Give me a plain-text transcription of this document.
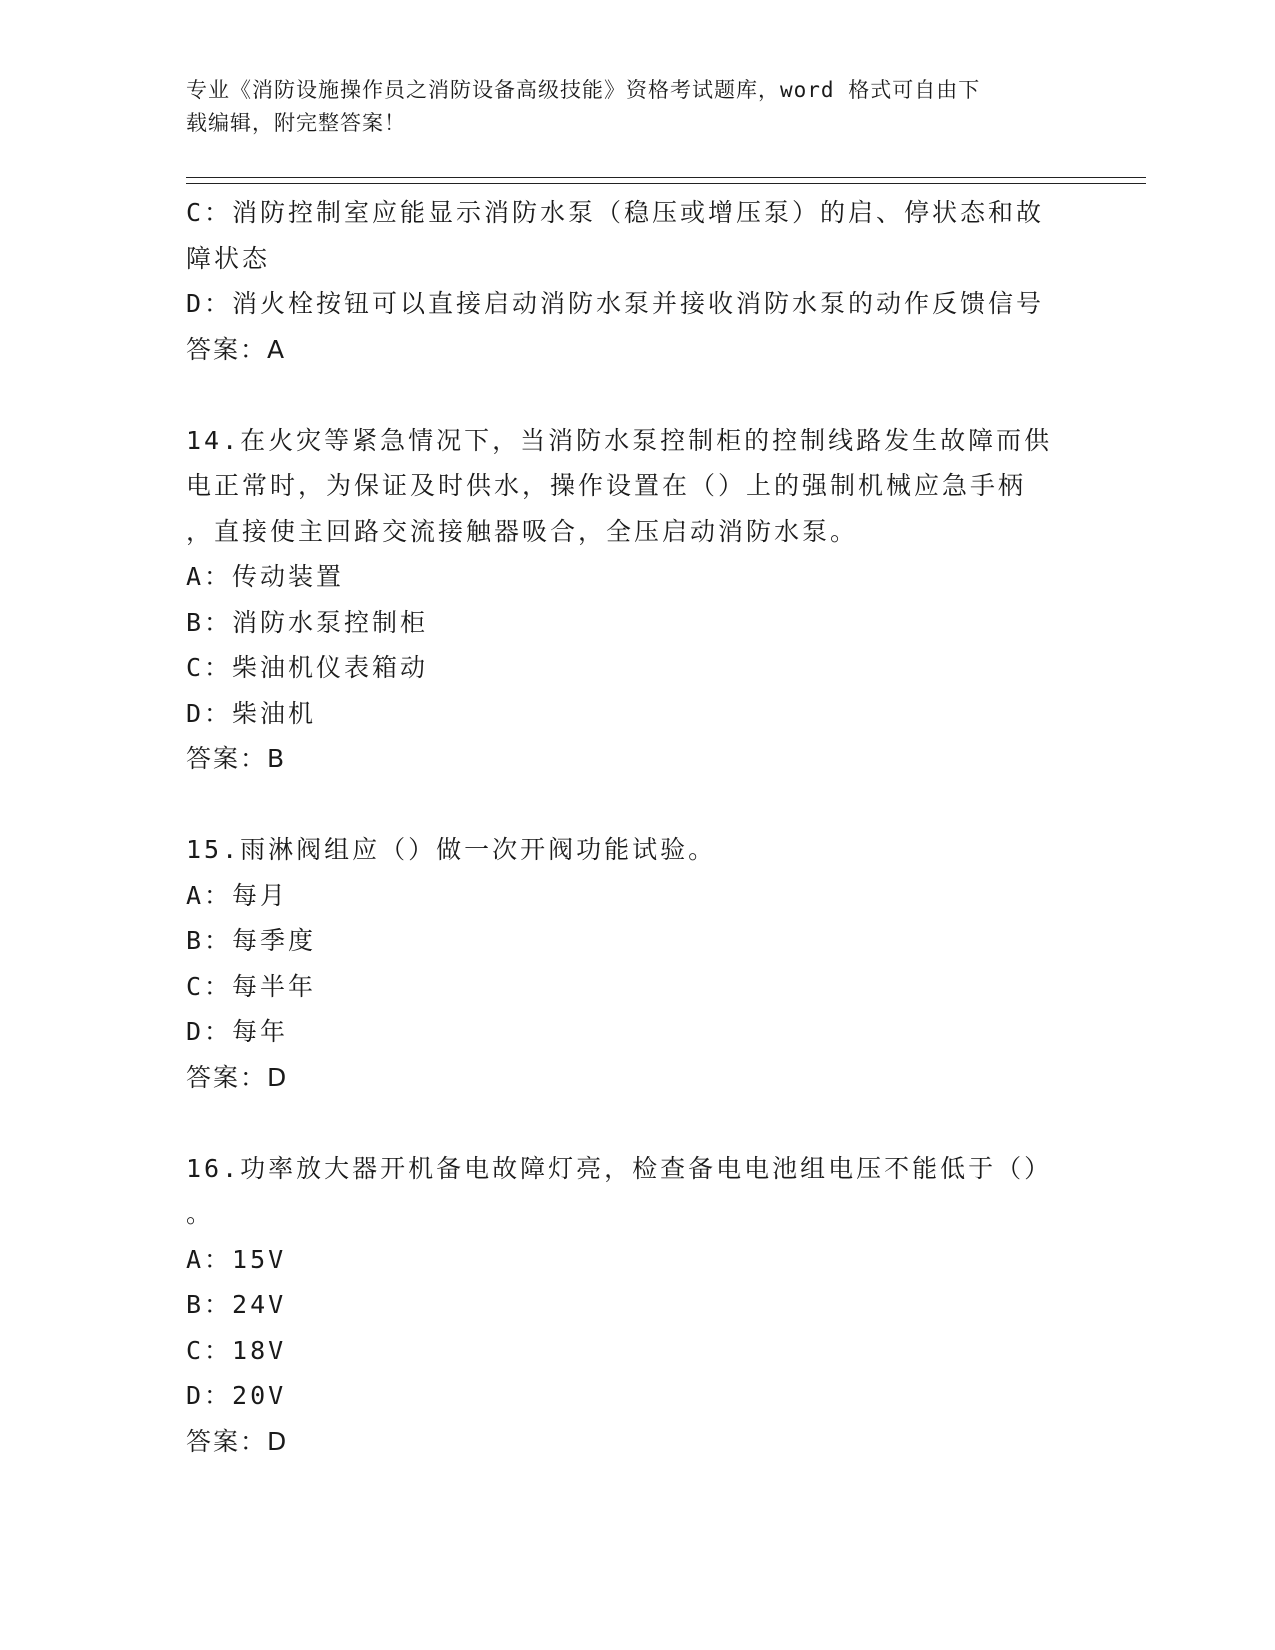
专业《消防设施操作员之消防设备高级技能》资格考试题库，word 格式可自由下
载编辑，附完整答案！
C：消防控制室应能显示消防水泵（稳压或增压泵）的启、停状态和故
障状态
D：消火栓按钮可以直接启动消防水泵并接收消防水泵的动作反馈信号
答案：A
14.在火灾等紧急情况下，当消防水泵控制柜的控制线路发生故障而供
电正常时，为保证及时供水，操作设置在（）上的强制机械应急手柄
，直接使主回路交流接触器吸合，全压启动消防水泵。
A：传动装置
B：消防水泵控制柜
C：柴油机仪表箱动
D：柴油机
答案：B
15.雨淋阀组应（）做一次开阀功能试验。
A：每月
B：每季度
C：每半年
D：每年
答案：D
16.功率放大器开机备电故障灯亮，检查备电电池组电压不能低于（）
。
A：15V
B：24V
C：18V
D：20V
答案：D
